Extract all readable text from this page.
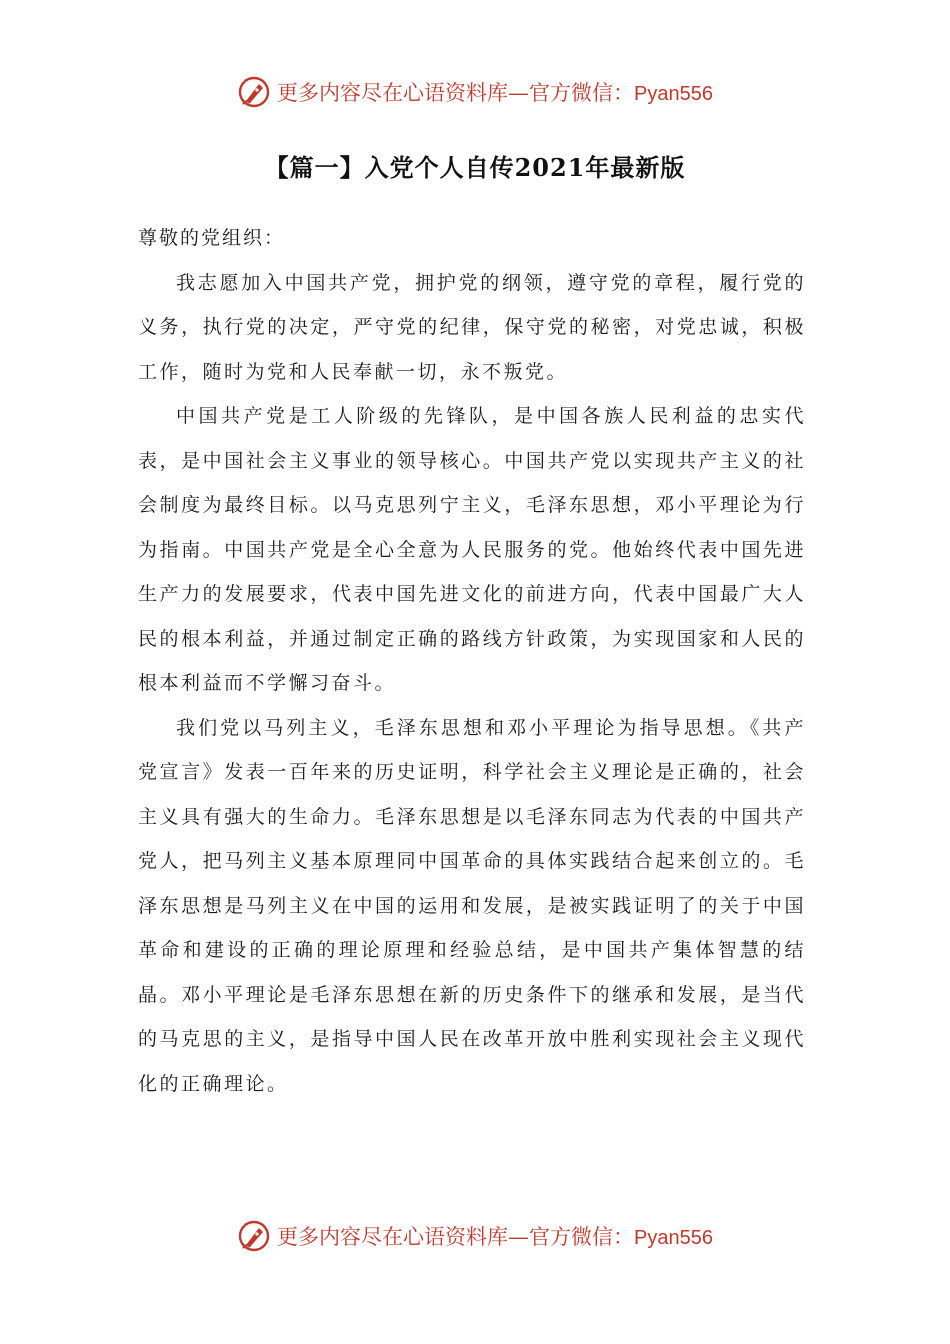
更多内容尽在心语资料库—官方微信：Pyan556
【篇一】入党个人自传2021年最新版

尊敬的党组织：

我志愿加入中国共产党，拥护党的纲领，遵守党的章程，履行党的义务，执行党的决定，严守党的纪律，保守党的秘密，对党忠诚，积极工作，随时为党和人民奉献一切，永不叛党。

中国共产党是工人阶级的先锋队，是中国各族人民利益的忠实代表，是中国社会主义事业的领导核心。中国共产党以实现共产主义的社会制度为最终目标。以马克思列宁主义，毛泽东思想，邓小平理论为行为指南。中国共产党是全心全意为人民服务的党。他始终代表中国先进生产力的发展要求，代表中国先进文化的前进方向，代表中国最广大人民的根本利益，并通过制定正确的路线方针政策，为实现国家和人民的根本利益而不学懈习奋斗。

我们党以马列主义，毛泽东思想和邓小平理论为指导思想。《共产党宣言》发表一百年来的历史证明，科学社会主义理论是正确的，社会主义具有强大的生命力。毛泽东思想是以毛泽东同志为代表的中国共产党人，把马列主义基本原理同中国革命的具体实践结合起来创立的。毛泽东思想是马列主义在中国的运用和发展，是被实践证明了的关于中国革命和建设的正确的理论原理和经验总结，是中国共产集体智慧的结晶。邓小平理论是毛泽东思想在新的历史条件下的继承和发展，是当代的马克思的主义，是指导中国人民在改革开放中胜利实现社会主义现代化的正确理论。

更多内容尽在心语资料库—官方微信：Pyan556
